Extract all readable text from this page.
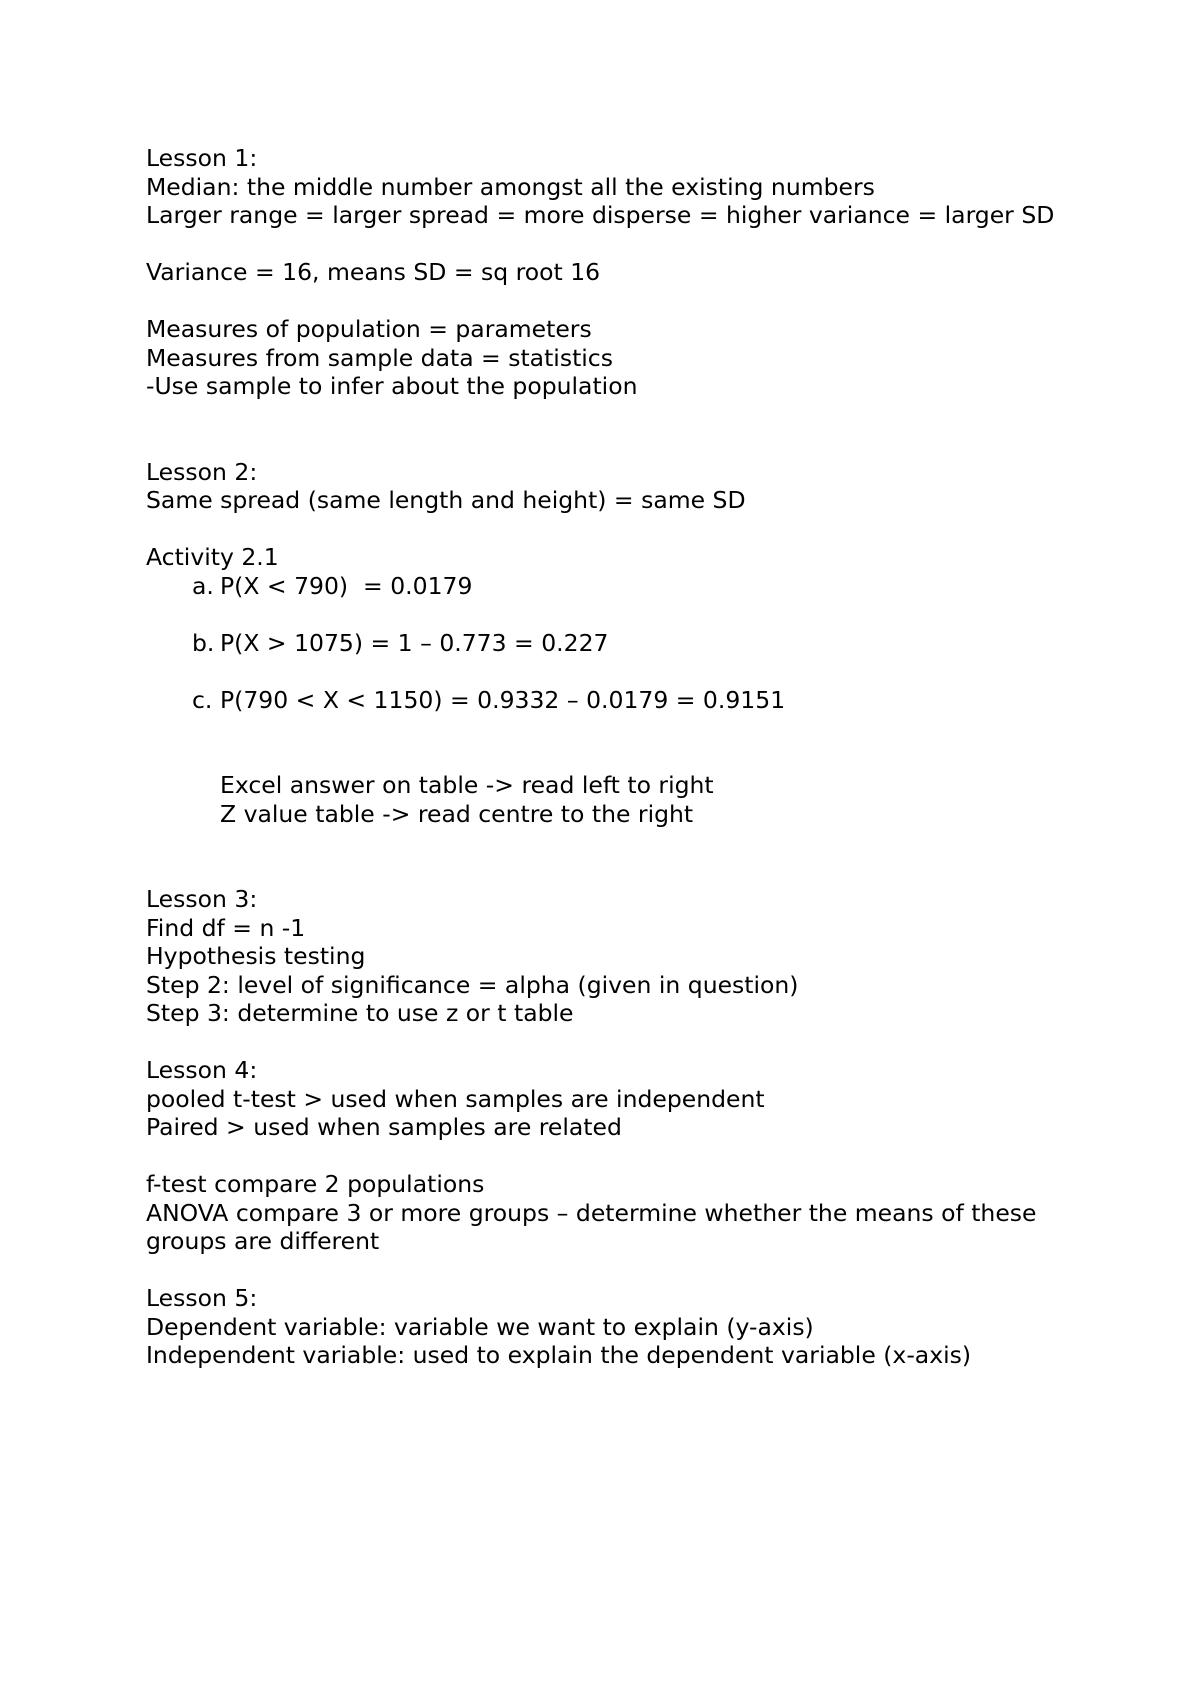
Lesson 1:

Median: the middle number amongst all the existing numbers

Larger range = larger spread = more disperse = higher variance = larger SD

Variance = 16, means SD = sq root 16

Measures of population = parameters

Measures from sample data = statistics

-Use sample to infer about the population

Lesson 2:

Same spread (same length and height) = same SD

Activity 2.1

a. P(X < 790)  = 0.0179
b. P(X > 1075) = 1 – 0.773 = 0.227
c. P(790 < X < 1150) = 0.9332 – 0.0179 = 0.9151

Excel answer on table -> read left to right

Z value table -> read centre to the right

Lesson 3:

Find df = n -1

Hypothesis testing

Step 2: level of significance = alpha (given in question)

Step 3: determine to use z or t table

Lesson 4:

pooled t-test > used when samples are independent

Paired > used when samples are related

f-test compare 2 populations

ANOVA compare 3 or more groups – determine whether the means of these groups are different

Lesson 5:

Dependent variable: variable we want to explain (y-axis)

Independent variable: used to explain the dependent variable (x-axis)
